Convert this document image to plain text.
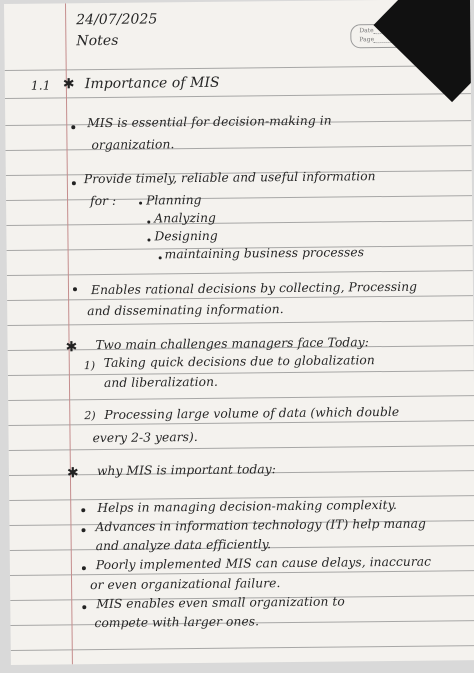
Date
Page
24/07/2025
Notes
1.1 ✱ Importance of MIS
MIS is essential for decision-making in
organization.
Provide timely, reliable and useful information
for : Planning
Analyzing
Designing
maintaining business processes
Enables rational decisions by collecting, Processing
and disseminating information.
✱ Two main challenges managers face Today:
1) Taking quick decisions due to globalization
and liberalization.
2) Processing large volume of data (which double
every 2-3 years).
✱ why MIS is important today:
Helps in managing decision-making complexity.
Advances in information technology (IT) help manag
and analyze data efficiently.
Poorly implemented MIS can cause delays, inaccurac
or even organizational failure.
MIS enables even small organization to
compete with larger ones.
